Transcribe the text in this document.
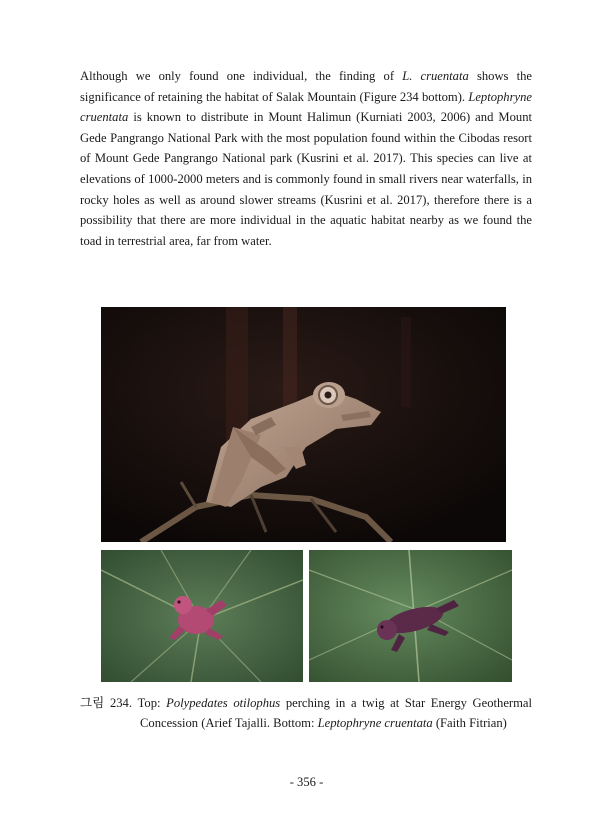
Although we only found one individual, the finding of L. cruentata shows the significance of retaining the habitat of Salak Mountain (Figure 234 bottom). Leptophryne cruentata is known to distribute in Mount Halimun (Kurniati 2003, 2006) and Mount Gede Pangrango National Park with the most population found within the Cibodas resort of Mount Gede Pangrango National park (Kusrini et al. 2017). This species can live at elevations of 1000-2000 meters and is commonly found in small rivers near waterfalls, in rocky holes as well as around slower streams (Kusrini et al. 2017), therefore there is a possibility that there are more individual in the aquatic habitat nearby as we found the toad in terrestrial area, far from water.

그림 234. Top: Polypedates otilophus perching in a twig at Star Energy Geothermal
Concession (Arief Tajalli. Bottom: Leptophryne cruentata (Faith Fitrian)

- 356 -
